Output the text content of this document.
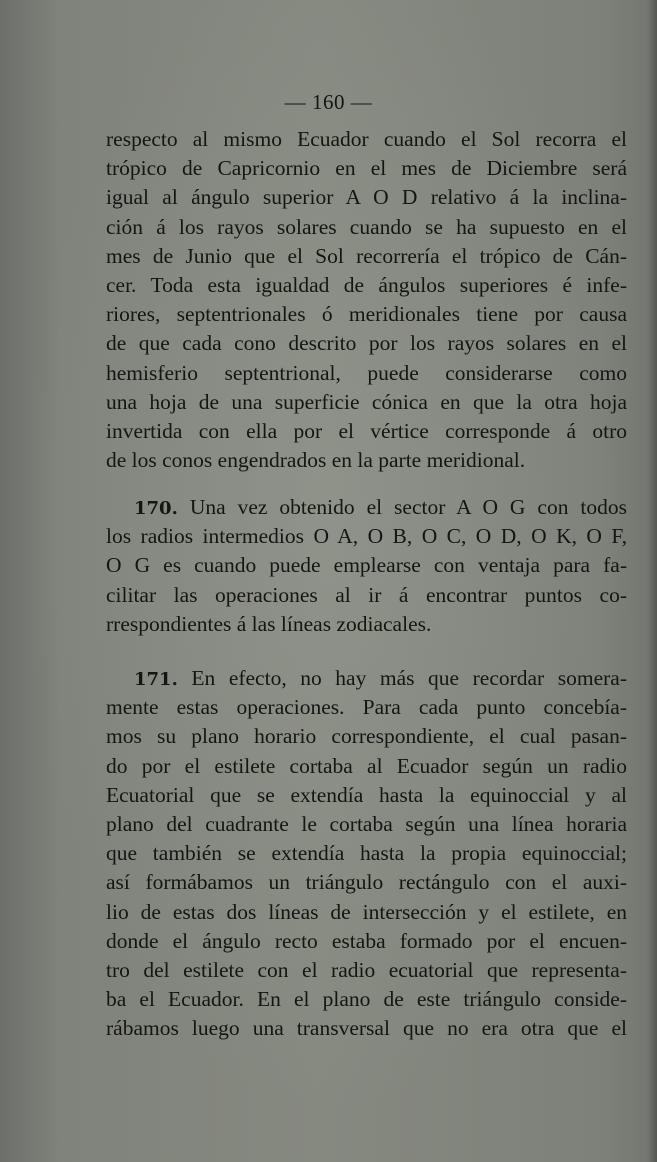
— 160 —
respecto al mismo Ecuador cuando el Sol recorra el
trópico de Capricornio en el mes de Diciembre será
igual al ángulo superior A O D relativo á la inclina-
ción á los rayos solares cuando se ha supuesto en el
mes de Junio que el Sol recorrería el trópico de Cán-
cer. Toda esta igualdad de ángulos superiores é infe-
riores, septentrionales ó meridionales tiene por causa
de que cada cono descrito por los rayos solares en el
hemisferio septentrional, puede considerarse como
una hoja de una superficie cónica en que la otra hoja
invertida con ella por el vértice corresponde á otro
de los conos engendrados en la parte meridional.
170. Una vez obtenido el sector A O G con todos
los radios intermedios O A, O B, O C, O D, O K, O F,
O G es cuando puede emplearse con ventaja para fa-
cilitar las operaciones al ir á encontrar puntos co-
rrespondientes á las líneas zodiacales.
171. En efecto, no hay más que recordar somera-
mente estas operaciones. Para cada punto concebía-
mos su plano horario correspondiente, el cual pasan-
do por el estilete cortaba al Ecuador según un radio
Ecuatorial que se extendía hasta la equinoccial y al
plano del cuadrante le cortaba según una línea horaria
que también se extendía hasta la propia equinoccial;
así formábamos un triángulo rectángulo con el auxi-
lio de estas dos líneas de intersección y el estilete, en
donde el ángulo recto estaba formado por el encuen-
tro del estilete con el radio ecuatorial que representa-
ba el Ecuador. En el plano de este triángulo conside-
rábamos luego una transversal que no era otra que el
